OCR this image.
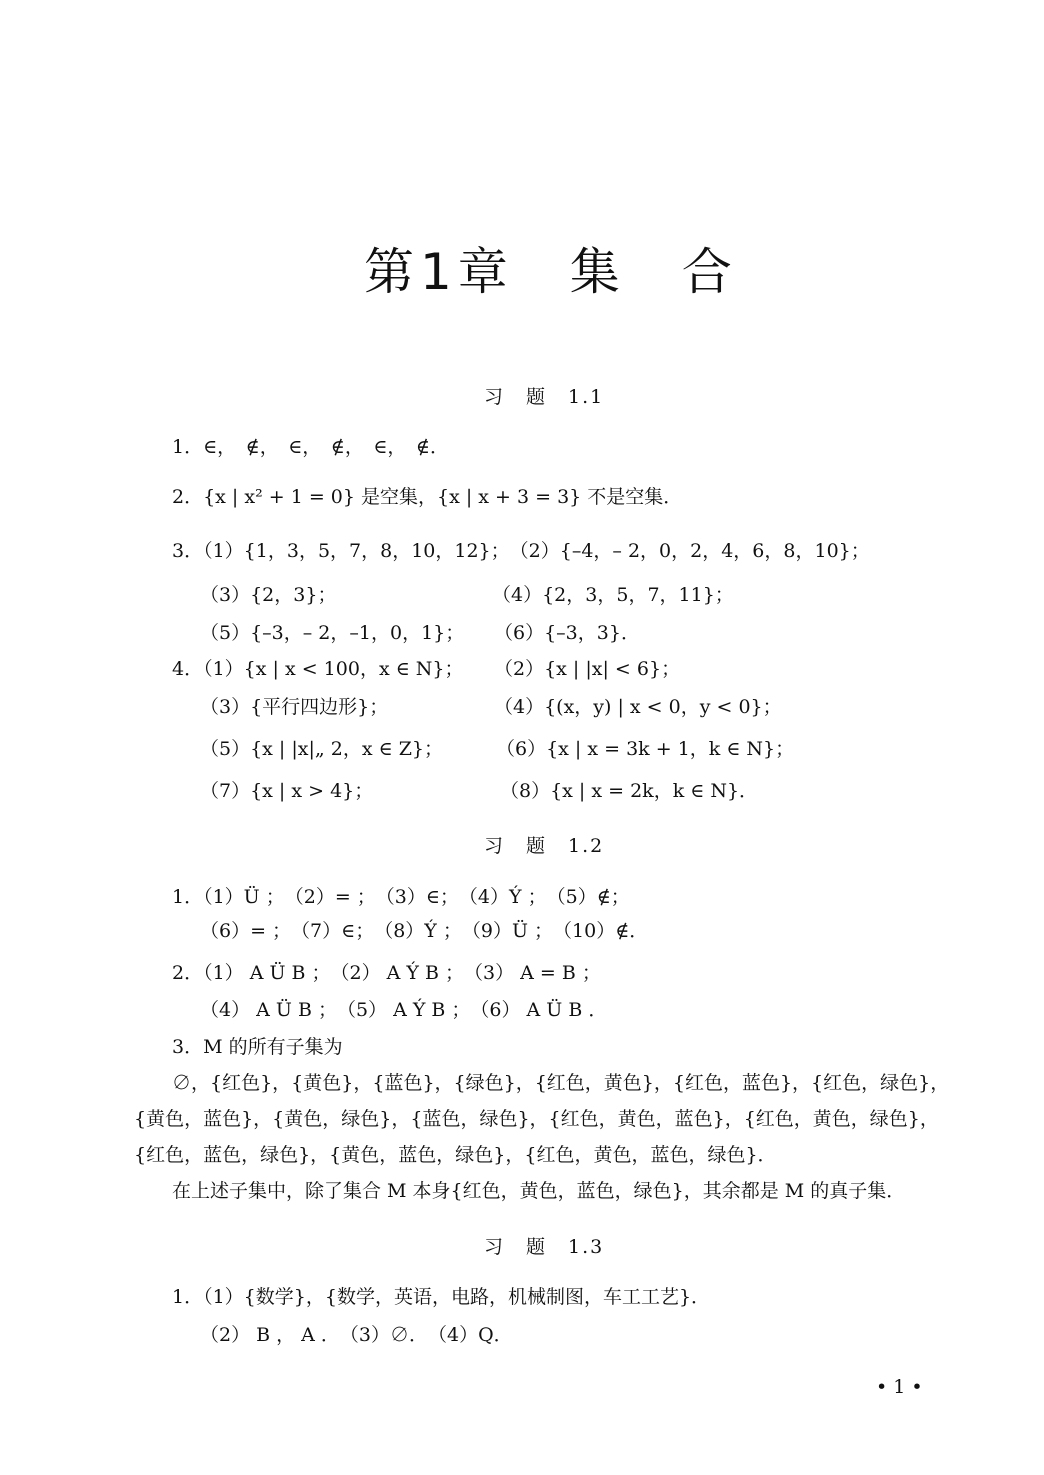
第1章　集　合
习　题　1.1
1．∈，　∉，　∈，　∉，　∈，　∉．
2．{x | x² + 1 = 0} 是空集，{x | x + 3 = 3} 不是空集．
3．（1）{1，3，5，7，8，10，12}；　（2）{–4，– 2，0，2，4，6，8，10}；
（3）{2，3}；	（4）{2，3，5，7，11}；
（5）{–3，– 2，–1，0，1}； （6）{–3，3}．
4．（1）{x | x < 100，x ∈ N}； （2）{x | |x| < 6}；
（3）{平行四边形}；	（4）{(x，y) | x < 0，y < 0}；
（5）{x | |x|„ 2，x ∈ Z}；	（6）{x | x = 3k + 1，k ∈ N}；
（7）{x | x > 4}；	（8）{x | x = 2k，k ∈ N}．
习　题　1.2
1．（1）Ü ；　（2）= ；　（3）∈；　（4）Ý ；　（5）∉；
（6）= ；　（7）∈；　（8）Ý ；　（9）Ü ；　（10）∉．
2．（1） A Ü B ；　（2） A Ý B ；　（3） A = B ；
（4） A Ü B ；　（5） A Ý B ；　（6） A Ü B ．
3．M 的所有子集为
∅，{红色}，{黄色}，{蓝色}，{绿色}，{红色，黄色}，{红色，蓝色}，{红色，绿色}，
{黄色，蓝色}，{黄色，绿色}，{蓝色，绿色}，{红色，黄色，蓝色}，{红色，黄色，绿色}，
{红色，蓝色，绿色}，{黄色，蓝色，绿色}，{红色，黄色，蓝色，绿色}．
在上述子集中，除了集合 M 本身{红色，黄色，蓝色，绿色}，其余都是 M 的真子集．
习　题　1.3
1．（1）{数学}，{数学，英语，电路，机械制图，车工工艺}．
（2） B ， A ．　（3）∅．　（4）Q．
• 1 •
